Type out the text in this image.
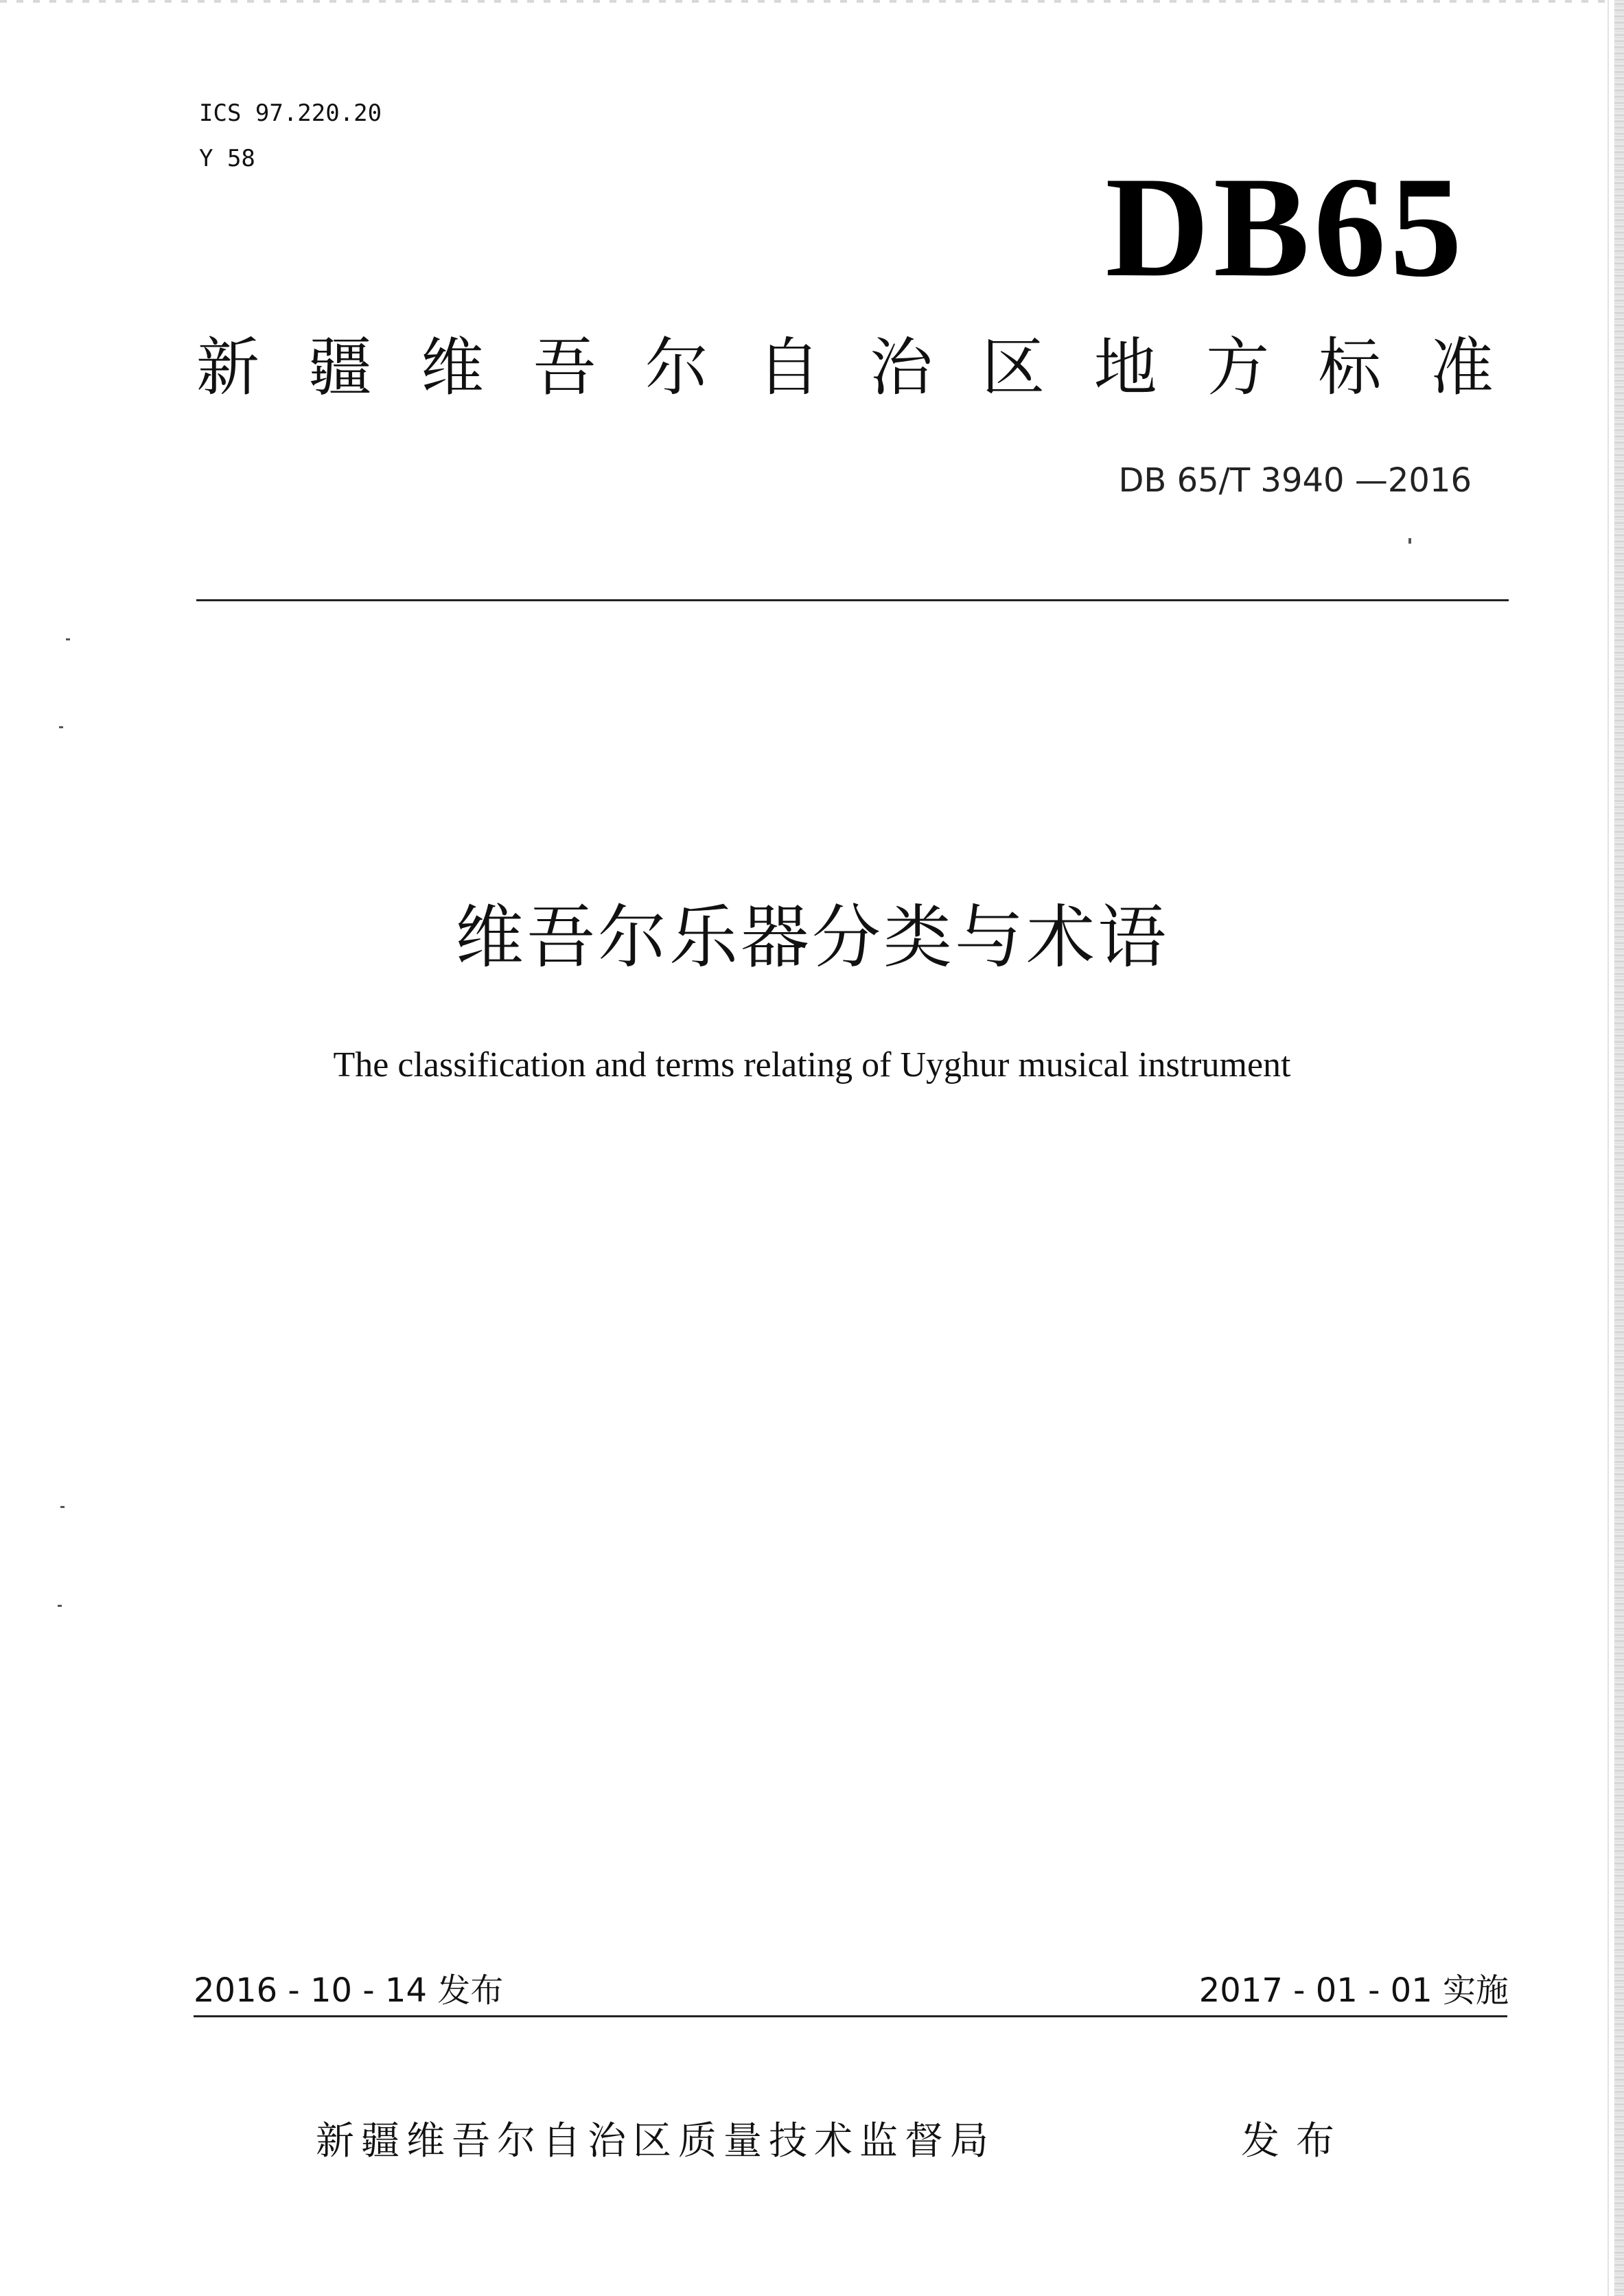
ICS 97.220.20
Y 58	DB65
新 疆 维 吾 尔 自 治 区 地 方 标 准
DB 65/T 3940 —2016
维吾尔乐器分类与术语
The classification and terms relating of Uyghur musical instrument
2016 - 10 - 14 发布	2017 - 01 - 01 实施
新疆维吾尔自治区质量技术监督局	发布
